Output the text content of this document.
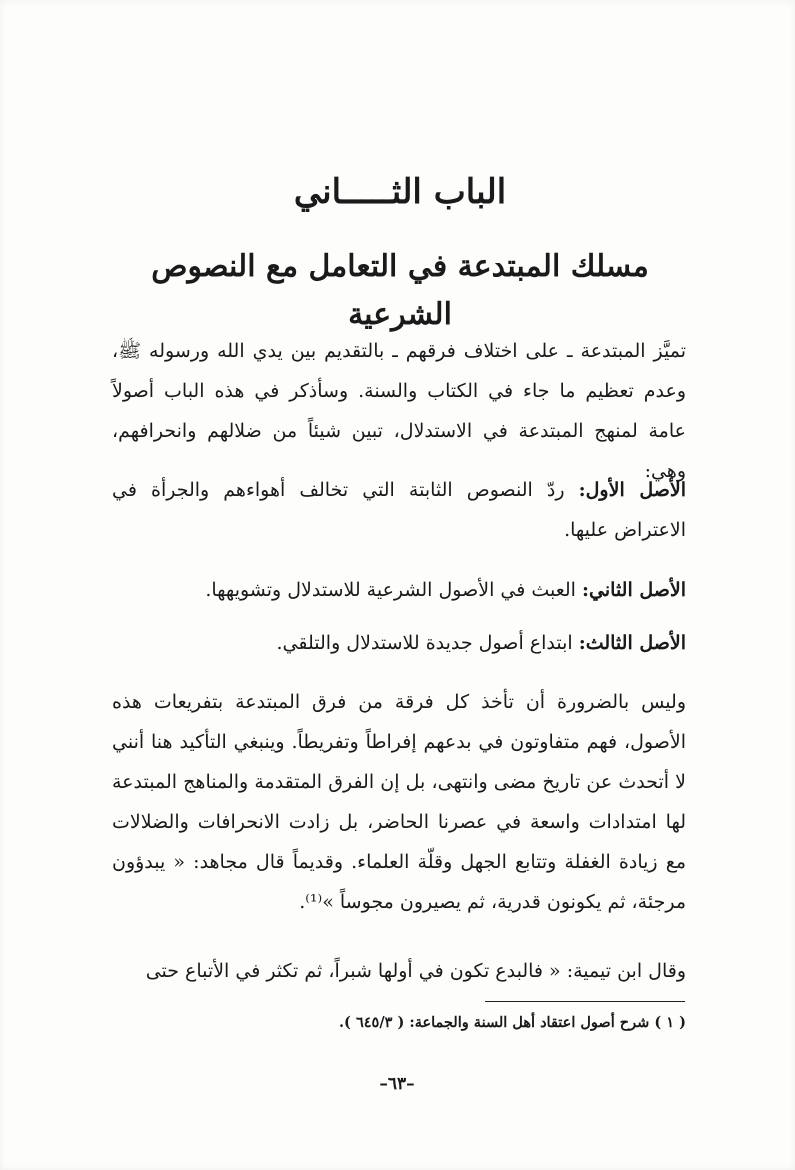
الباب الثـــــاني
مسلك المبتدعة في التعامل مع النصوص الشرعية
تميَّز المبتدعة ـ على اختلاف فرقهم ـ بالتقديم بين يدي الله ورسوله ﷺ، وعدم تعظيم ما جاء في الكتاب والسنة. وسأذكر في هذه الباب أصولاً عامة لمنهج المبتدعة في الاستدلال، تبين شيئاً من ضلالهم وانحرافهم، وهي:
الأصل الأول: ردّ النصوص الثابتة التي تخالف أهواءهم والجرأة في الاعتراض عليها.
الأصل الثاني: العبث في الأصول الشرعية للاستدلال وتشويهها.
الأصل الثالث: ابتداع أصول جديدة للاستدلال والتلقي.
وليس بالضرورة أن تأخذ كل فرقة من فرق المبتدعة بتفريعات هذه الأصول، فهم متفاوتون في بدعهم إفراطاً وتفريطاً. وينبغي التأكيد هنا أنني لا أتحدث عن تاريخ مضى وانتهى، بل إن الفرق المتقدمة والمناهج المبتدعة لها امتدادات واسعة في عصرنا الحاضر، بل زادت الانحرافات والضلالات مع زيادة الغفلة وتتابع الجهل وقلّة العلماء. وقديماً قال مجاهد: « يبدؤون مرجئة، ثم يكونون قدرية، ثم يصيرون مجوساً »⁽¹⁾.
وقال ابن تيمية: « فالبدع تكون في أولها شبراً، ثم تكثر في الأتباع حتى
( ١ ) شرح أصول اعتقاد أهل السنة والجماعة: ( ٦٤٥/٣ ).
–٦٣–
